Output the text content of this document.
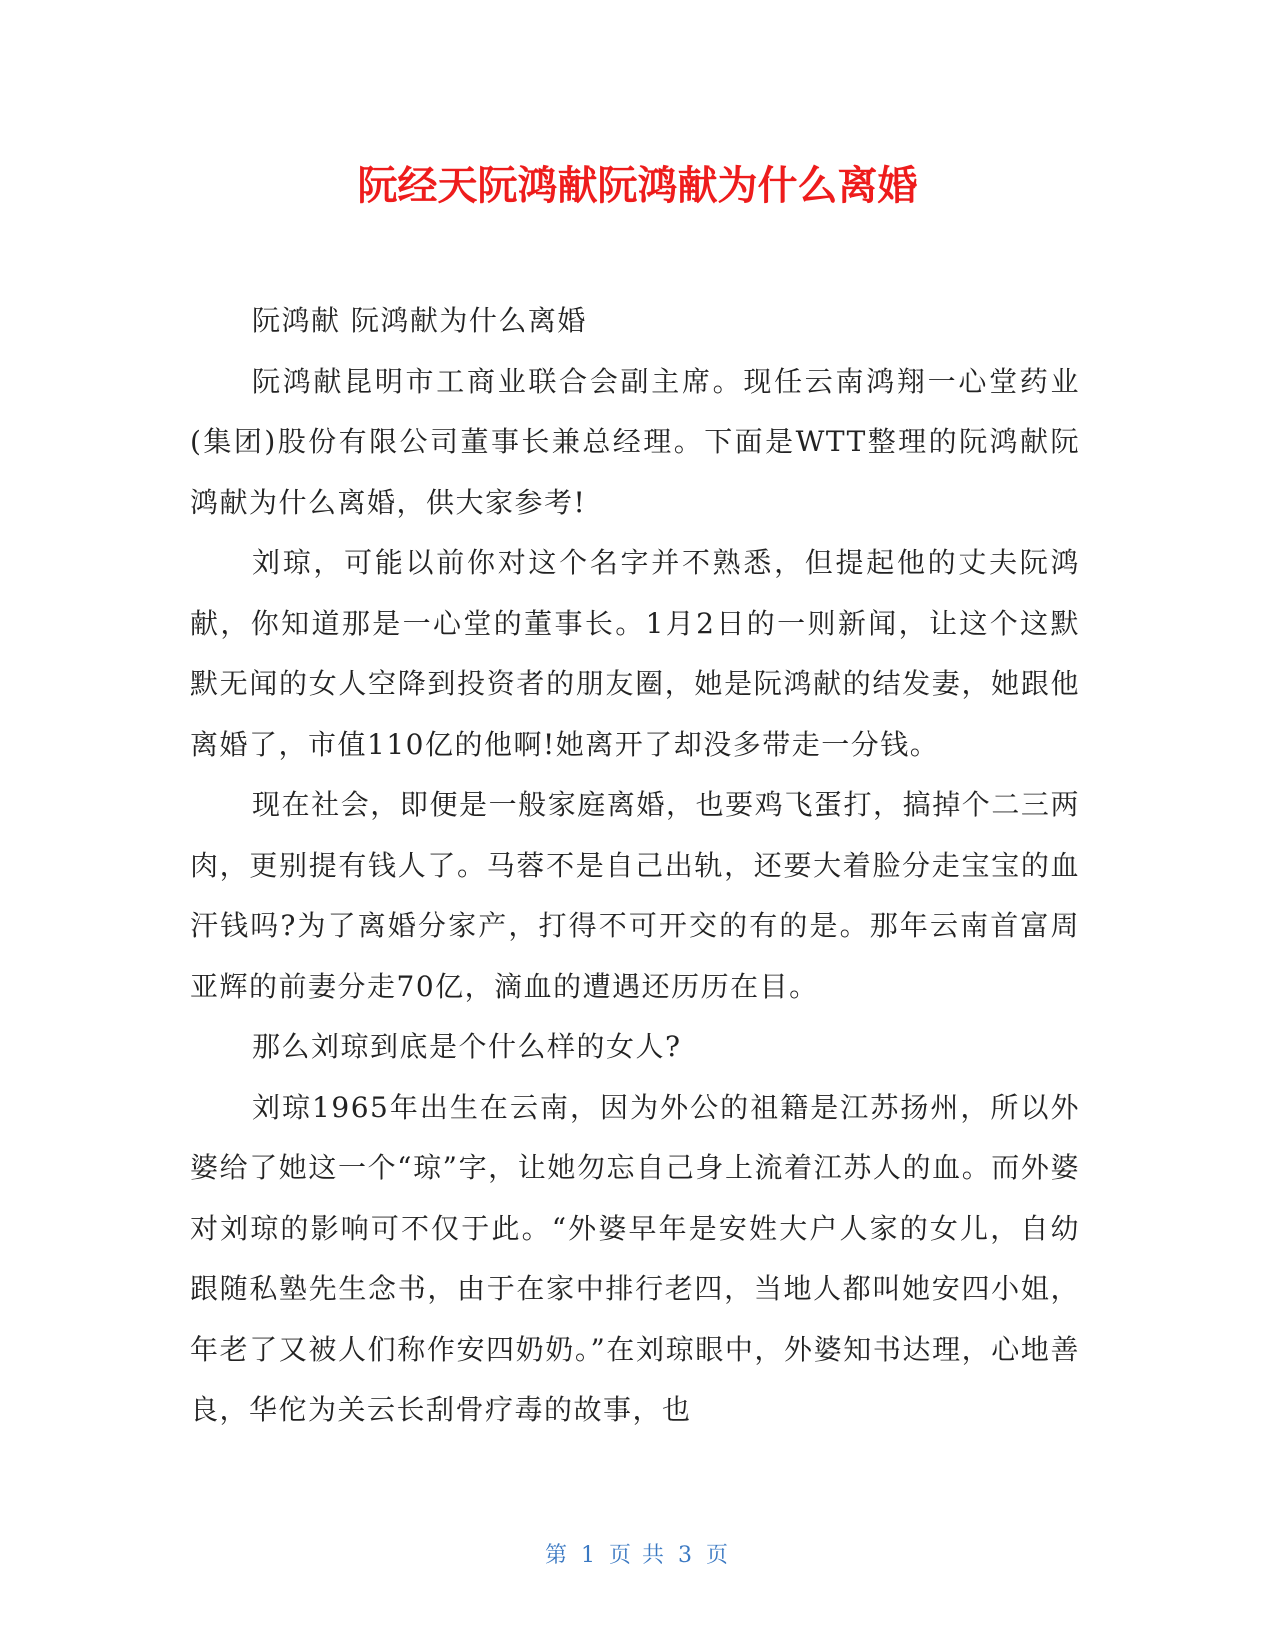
阮经天阮鸿献阮鸿献为什么离婚

阮鸿献 阮鸿献为什么离婚

阮鸿献昆明市工商业联合会副主席。现任云南鸿翔一心堂药业(集团)股份有限公司董事长兼总经理。下面是WTT整理的阮鸿献阮鸿献为什么离婚，供大家参考!

刘琼，可能以前你对这个名字并不熟悉，但提起他的丈夫阮鸿献，你知道那是一心堂的董事长。1月2日的一则新闻，让这个这默默无闻的女人空降到投资者的朋友圈，她是阮鸿献的结发妻，她跟他离婚了，市值110亿的他啊!她离开了却没多带走一分钱。

现在社会，即便是一般家庭离婚，也要鸡飞蛋打，搞掉个二三两肉，更别提有钱人了。马蓉不是自己出轨，还要大着脸分走宝宝的血汗钱吗?为了离婚分家产，打得不可开交的有的是。那年云南首富周亚辉的前妻分走70亿，滴血的遭遇还历历在目。

那么刘琼到底是个什么样的女人?

刘琼1965年出生在云南，因为外公的祖籍是江苏扬州，所以外婆给了她这一个“琼”字，让她勿忘自己身上流着江苏人的血。而外婆对刘琼的影响可不仅于此。“外婆早年是安姓大户人家的女儿，自幼跟随私塾先生念书，由于在家中排行老四，当地人都叫她安四小姐，年老了又被人们称作安四奶奶。”在刘琼眼中，外婆知书达理，心地善良，华佗为关云长刮骨疗毒的故事，也

第 1 页 共 3 页
